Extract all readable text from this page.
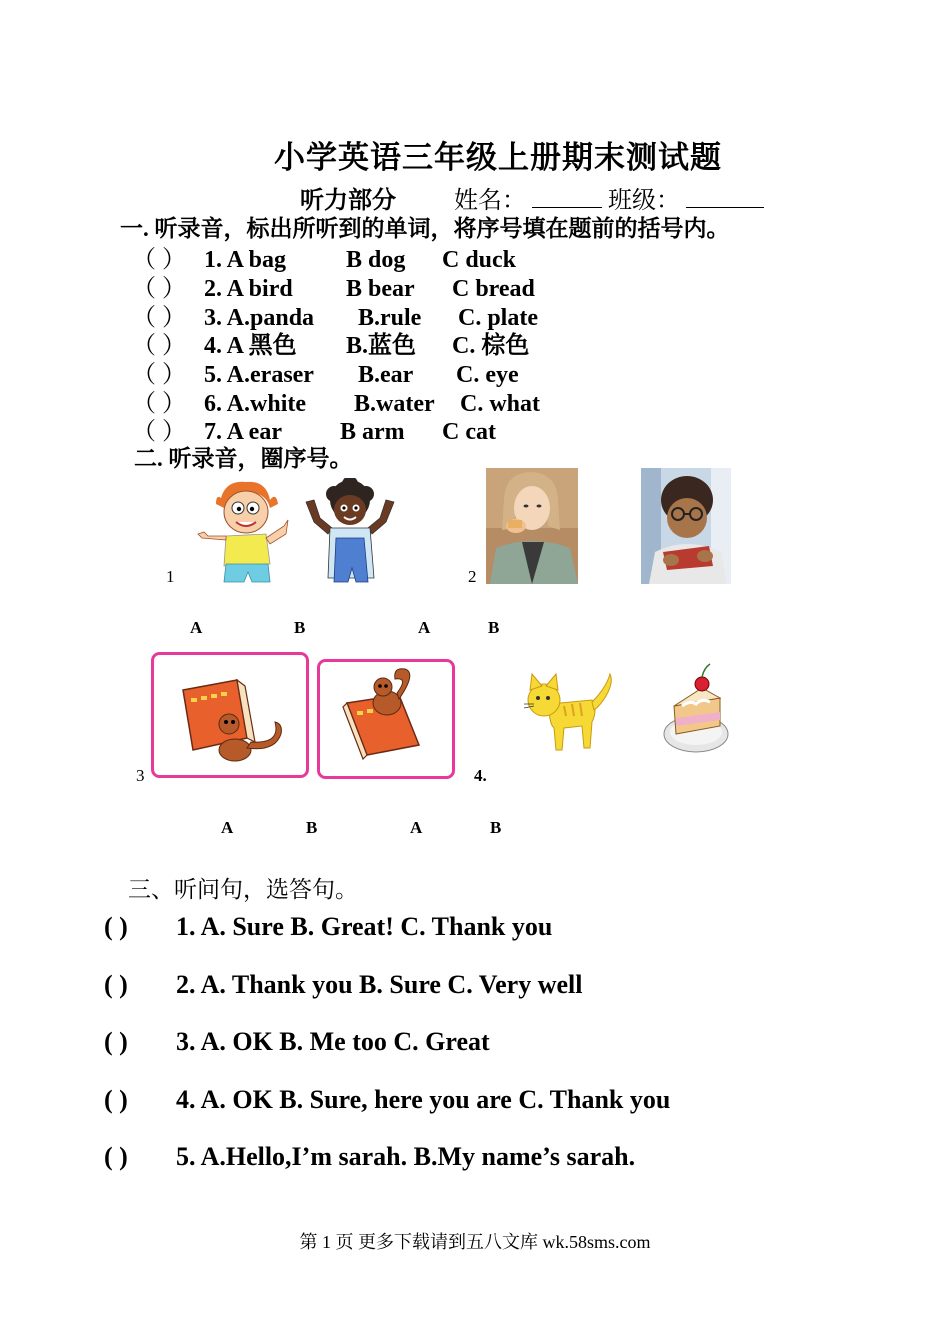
小学英语三年级上册期末测试题
听力部分 姓名：	班级：
一. 听录音，标出所听到的单词，将序号填在题前的括号内。
（ ） 1. A bag B dog C duck
（ ） 2. A bird B bear C bread
（ ） 3. A.panda B.rule C. plate
（ ） 4. A 黑色 B.蓝色 C. 棕色
（ ） 5. A.eraser B.ear C. eye
（ ） 6. A.white B.water C. what
（ ） 7. A ear B arm C cat
二. 听录音，圈序号。
1	2
3	4.
A	B	A	B
A	B	A	B
三、听问句，选答句。
( ) 1. A. Sure B. Great! C. Thank you
( ) 2. A. Thank you B. Sure C. Very well
( ) 3. A. OK B. Me too C. Great
( ) 4. A. OK B. Sure, here you are C. Thank you
( ) 5. A.Hello,I’m sarah. B.My name’s sarah.
第 1 页 更多下载请到五八文库 wk.58sms.com
